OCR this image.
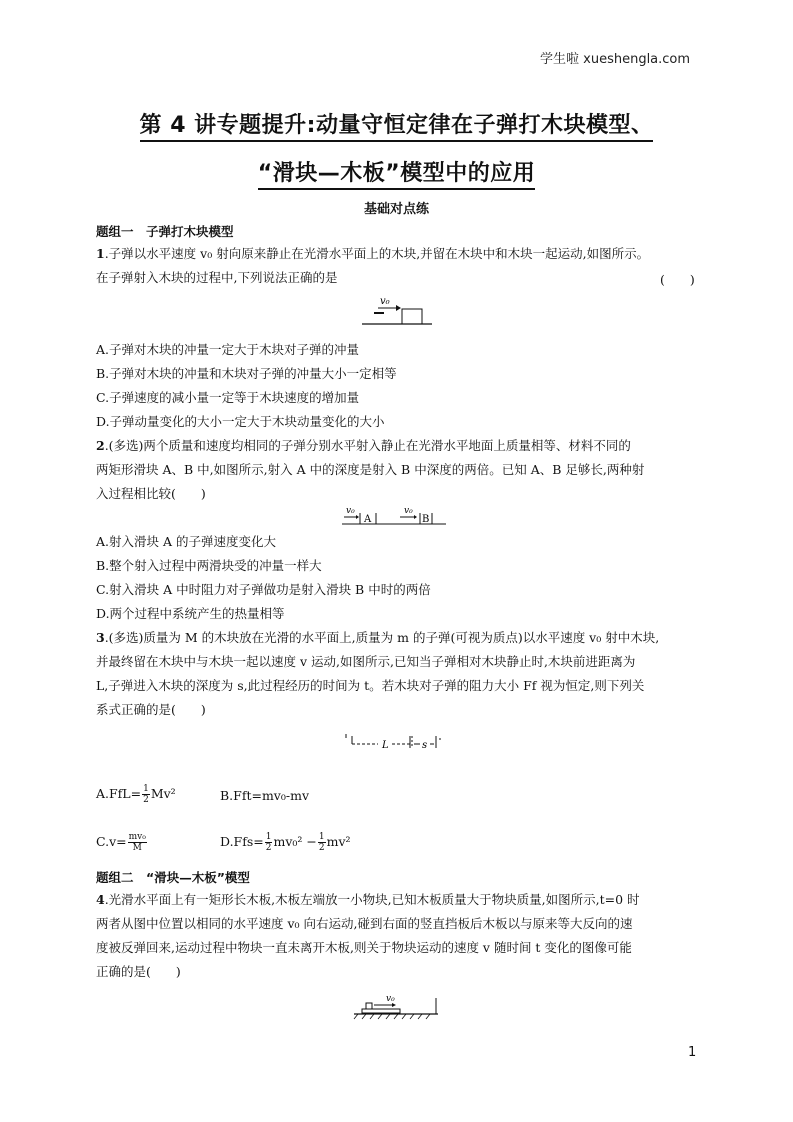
学生啦 xueshengla.com
第 4 讲专题提升:动量守恒定律在子弹打木块模型、
“滑块—木板”模型中的应用
基础对点练
题组一　子弹打木块模型
1.子弹以水平速度 v₀ 射向原来静止在光滑水平面上的木块,并留在木块中和木块一起运动,如图所示。
在子弹射入木块的过程中,下列说法正确的是	(　　)
v₀
A.子弹对木块的冲量一定大于木块对子弹的冲量
B.子弹对木块的冲量和木块对子弹的冲量大小一定相等
C.子弹速度的减小量一定等于木块速度的增加量
D.子弹动量变化的大小一定大于木块动量变化的大小
2.(多选)两个质量和速度均相同的子弹分别水平射入静止在光滑水平地面上质量相等、材料不同的
两矩形滑块 A、B 中,如图所示,射入 A 中的深度是射入 B 中深度的两倍。已知 A、B 足够长,两种射
入过程相比较(　　)
v₀
A
v₀
B
A.射入滑块 A 的子弹速度变化大
B.整个射入过程中两滑块受的冲量一样大
C.射入滑块 A 中时阻力对子弹做功是射入滑块 B 中时的两倍
D.两个过程中系统产生的热量相等
3.(多选)质量为 M 的木块放在光滑的水平面上,质量为 m 的子弹(可视为质点)以水平速度 v₀ 射中木块,
并最终留在木块中与木块一起以速度 v 运动,如图所示,已知当子弹相对木块静止时,木块前进距离为
L,子弹进入木块的深度为 s,此过程经历的时间为 t。若木块对子弹的阻力大小 Ff 视为恒定,则下列关
系式正确的是(　　)
L	s
$A.FfL= \frac{1}{2} Mv^2$	B.Fft=mv₀-mv
$C.v= \frac{\text{mv₀}}{M}$	$D.Ffs= \frac{1}{2} mv_0^2 - \frac{1}{2} mv^2$
题组二　“滑块—木板”模型
4.光滑水平面上有一矩形长木板,木板左端放一小物块,已知木板质量大于物块质量,如图所示,t=0 时
两者从图中位置以相同的水平速度 v₀ 向右运动,碰到右面的竖直挡板后木板以与原来等大反向的速
度被反弹回来,运动过程中物块一直未离开木板,则关于物块运动的速度 v 随时间 t 变化的图像可能
正确的是(　　)
v₀
1
